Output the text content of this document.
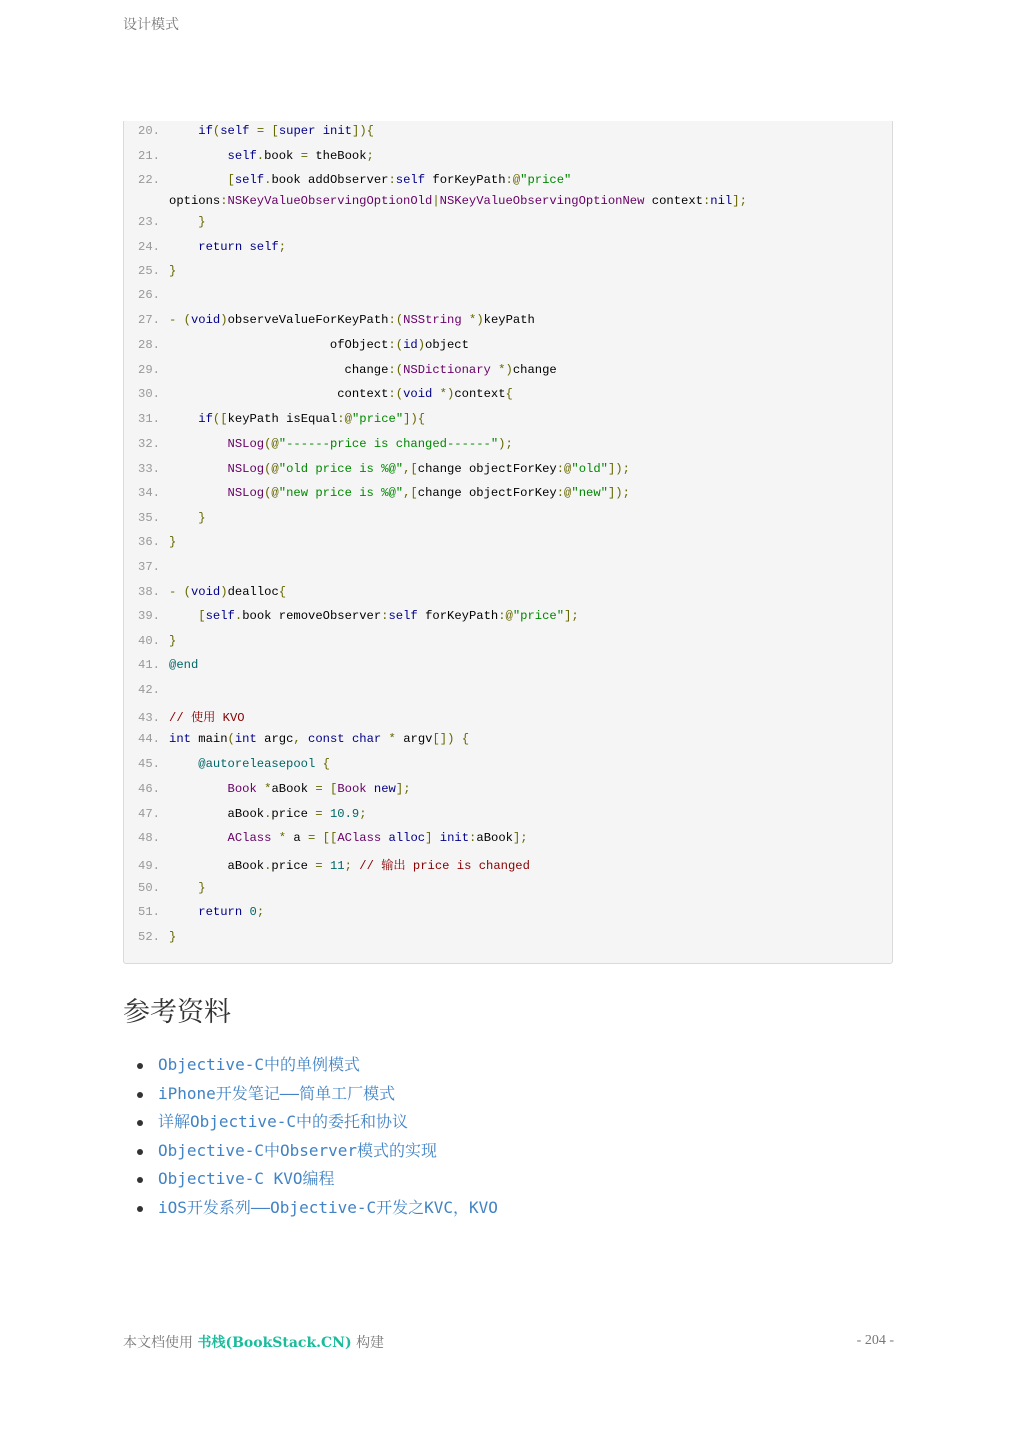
设计模式
20.	if(self = [super init]){
21.	self.book = theBook;
22.	[self.book addObserver:self forKeyPath:@"price"
options:NSKeyValueObservingOptionOld|NSKeyValueObservingOptionNew context:nil];
23.	}
24.	return self;
25. }
26.
27. - (void)observeValueForKeyPath:(NSString *)keyPath
28.                      ofObject:(id)object
29.                        change:(NSDictionary *)change
30.                       context:(void *)context{
31.	if([keyPath isEqual:@"price"]){
32.	NSLog(@"------price is changed------");
33.	NSLog(@"old price is %@",[change objectForKey:@"old"]);
34.	NSLog(@"new price is %@",[change objectForKey:@"new"]);
35.	}
36. }
37.
38. - (void)dealloc{
39.	[self.book removeObserver:self forKeyPath:@"price"];
40. }
41. @end
42.
43. // 使用 KVO
44. int main(int argc, const char * argv[]) {
45.	@autoreleasepool {
46.	Book *aBook = [Book new];
47.        aBook.price = 10.9;
48.	AClass * a = [[AClass alloc] init:aBook];
49.        aBook.price = 11; // 输出 price is changed
50.	}
51.	return 0;
52. }
参考资料
Objective-C中的单例模式
iPhone开发笔记——简单工厂模式
详解Objective-C中的委托和协议
Objective-C中Observer模式的实现
Objective-C KVO编程
iOS开发系列——Objective-C开发之KVC，KVO
本文档使用 书栈(BookStack.CN) 构建	- 204 -
